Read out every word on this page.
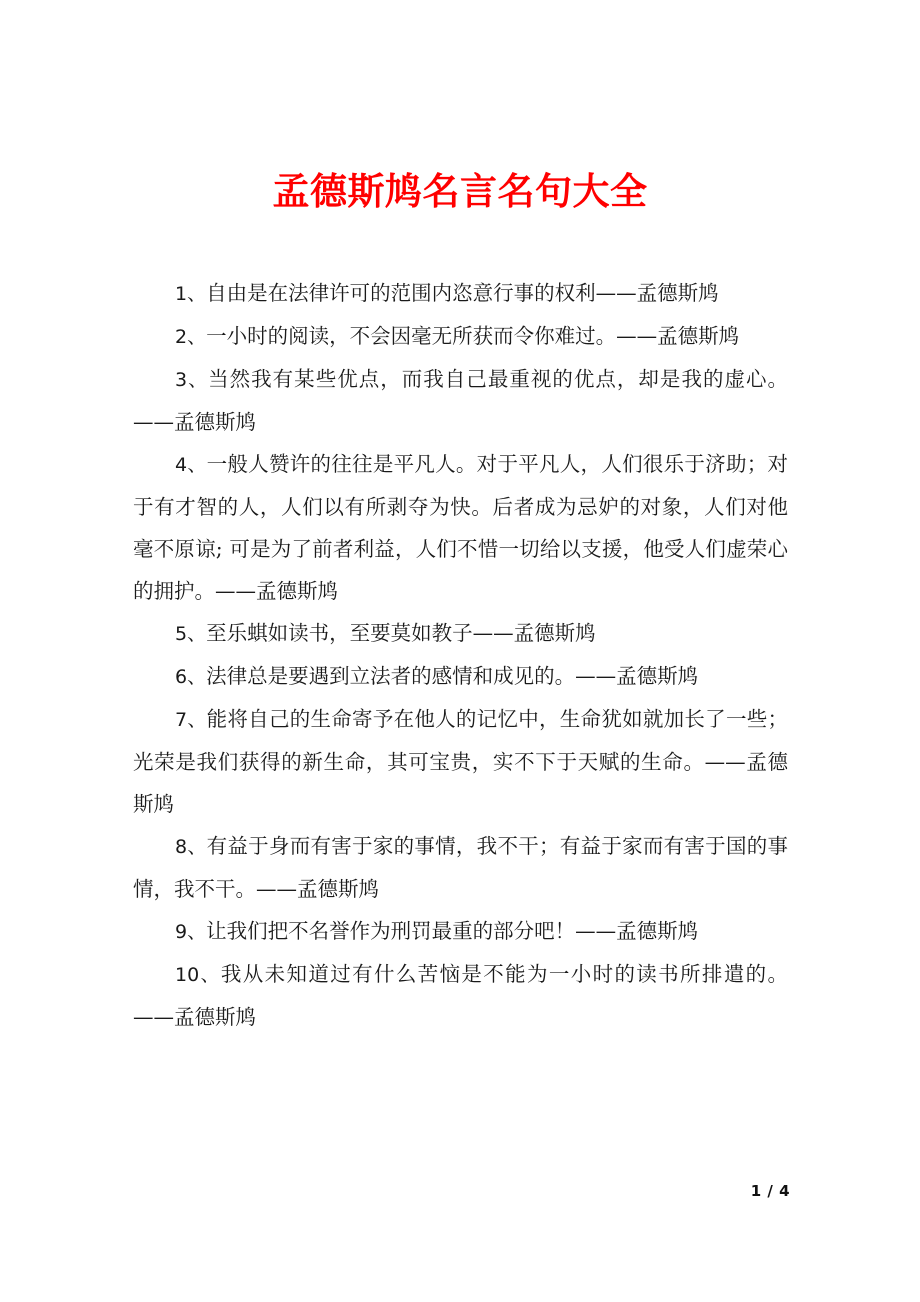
孟德斯鸠名言名句大全

1、自由是在法律许可的范围内恣意行事的权利——孟德斯鸠

2、一小时的阅读，不会因毫无所获而令你难过。——孟德斯鸠

3、当然我有某些优点，而我自己最重视的优点，却是我的虚心。——孟德斯鸠

4、一般人赞许的往往是平凡人。对于平凡人，人们很乐于济助；对于有才智的人，人们以有所剥夺为快。后者成为忌妒的对象，人们对他毫不原谅; 可是为了前者利益，人们不惜一切给以支援，他受人们虚荣心的拥护。——孟德斯鸠

5、至乐蜞如读书，至要莫如教子——孟德斯鸠

6、法律总是要遇到立法者的感情和成见的。——孟德斯鸠

7、能将自己的生命寄予在他人的记忆中，生命犹如就加长了一些；光荣是我们获得的新生命，其可宝贵，实不下于天赋的生命。——孟德斯鸠

8、有益于身而有害于家的事情，我不干；有益于家而有害于国的事情，我不干。——孟德斯鸠

9、让我们把不名誉作为刑罚最重的部分吧！——孟德斯鸠

10、我从未知道过有什么苦恼是不能为一小时的读书所排遣的。——孟德斯鸠

1 / 4
